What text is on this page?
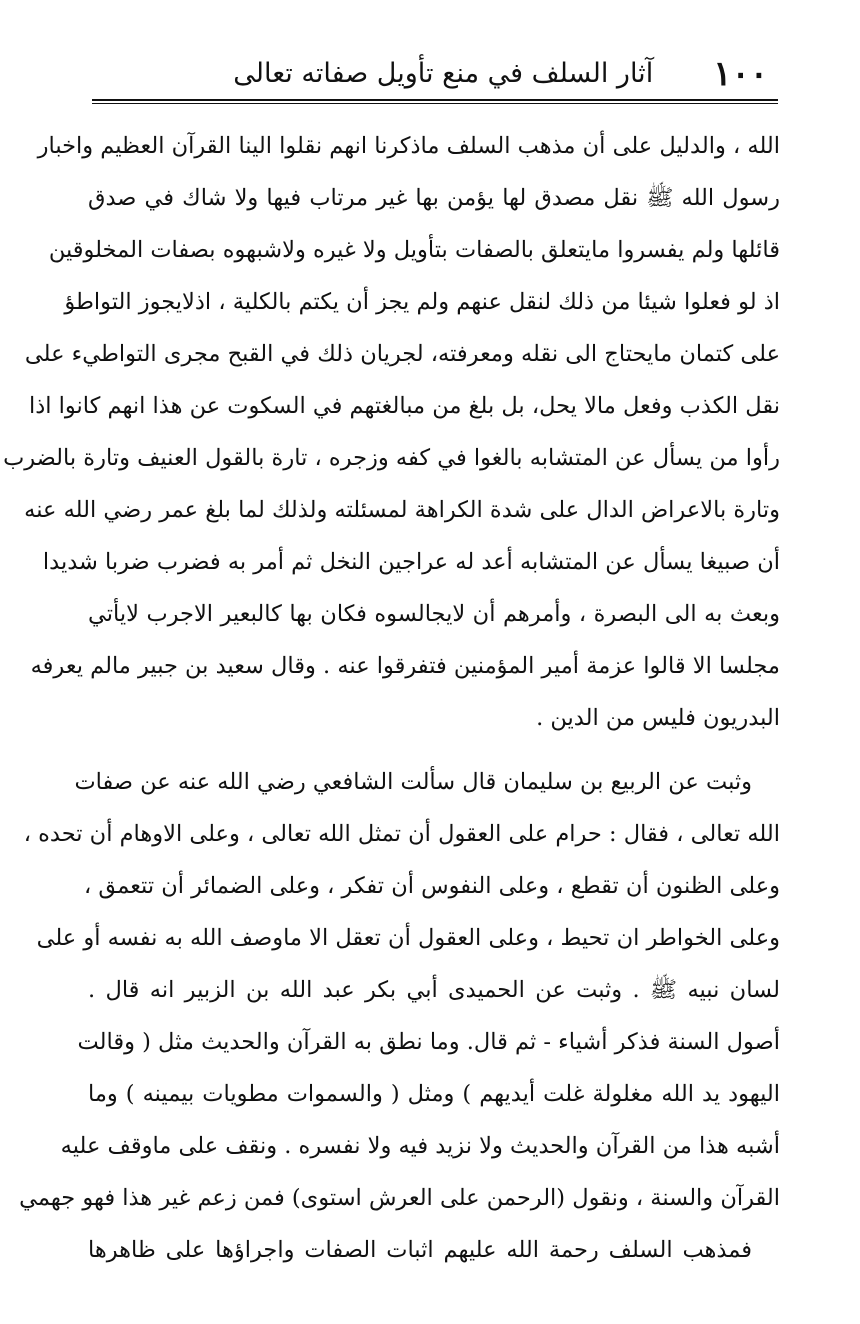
١٠٠
آثار السلف في منع تأويل صفاته تعالى
الله ، والدليل على أن مذهب السلف ماذكرنا انهم نقلوا الينا القرآن العظيم واخبار
رسول الله ﷺ نقل مصدق لها يؤمن بها غير مرتاب فيها ولا شاك في صدق
قائلها ولم يفسروا مايتعلق بالصفات بتأويل ولا غيره ولاشبهوه بصفات المخلوقين
اذ لو فعلوا شيئا من ذلك لنقل عنهم ولم يجز أن يكتم بالكلية ، اذلايجوز التواطؤ
على كتمان مايحتاج الى نقله ومعرفته، لجريان ذلك في القبح مجرى التواطيء على
نقل الكذب وفعل مالا يحل، بل بلغ من مبالغتهم في السكوت عن هذا انهم كانوا اذا
رأوا من يسأل عن المتشابه بالغوا في كفه وزجره ، تارة بالقول العنيف وتارة بالضرب
وتارة بالاعراض الدال على شدة الكراهة لمسئلته ولذلك لما بلغ عمر رضي الله عنه
أن صبيغا يسأل عن المتشابه أعد له عراجين النخل ثم أمر به فضرب ضربا شديدا
وبعث به الى البصرة ، وأمرهم أن لايجالسوه فكان بها كالبعير الاجرب لايأتي
مجلسا الا قالوا عزمة أمير المؤمنين فتفرقوا عنه . وقال سعيد بن جبير مالم يعرفه
البدريون فليس من الدين .
وثبت عن الربيع بن سليمان قال سألت الشافعي رضي الله عنه عن صفات
الله تعالى ، فقال : حرام على العقول أن تمثل الله تعالى ، وعلى الاوهام أن تحده ،
وعلى الظنون أن تقطع ، وعلى النفوس أن تفكر ، وعلى الضمائر أن تتعمق ،
وعلى الخواطر ان تحيط ، وعلى العقول أن تعقل الا ماوصف الله به نفسه أو على
لسان نبيه ﷺ . وثبت عن الحميدى أبي بكر عبد الله بن الزبير انه قال .
أصول السنة فذكر أشياء - ثم قال. وما نطق به القرآن والحديث مثل ( وقالت
اليهود يد الله مغلولة غلت أيديهم ) ومثل ( والسموات مطويات بيمينه ) وما
أشبه هذا من القرآن والحديث ولا نزيد فيه ولا نفسره . ونقف على ماوقف عليه
القرآن والسنة ، ونقول (الرحمن على العرش استوى) فمن زعم غير هذا فهو جهمي
فمذهب السلف رحمة الله عليهم اثبات الصفات واجراؤها على ظاهرها
